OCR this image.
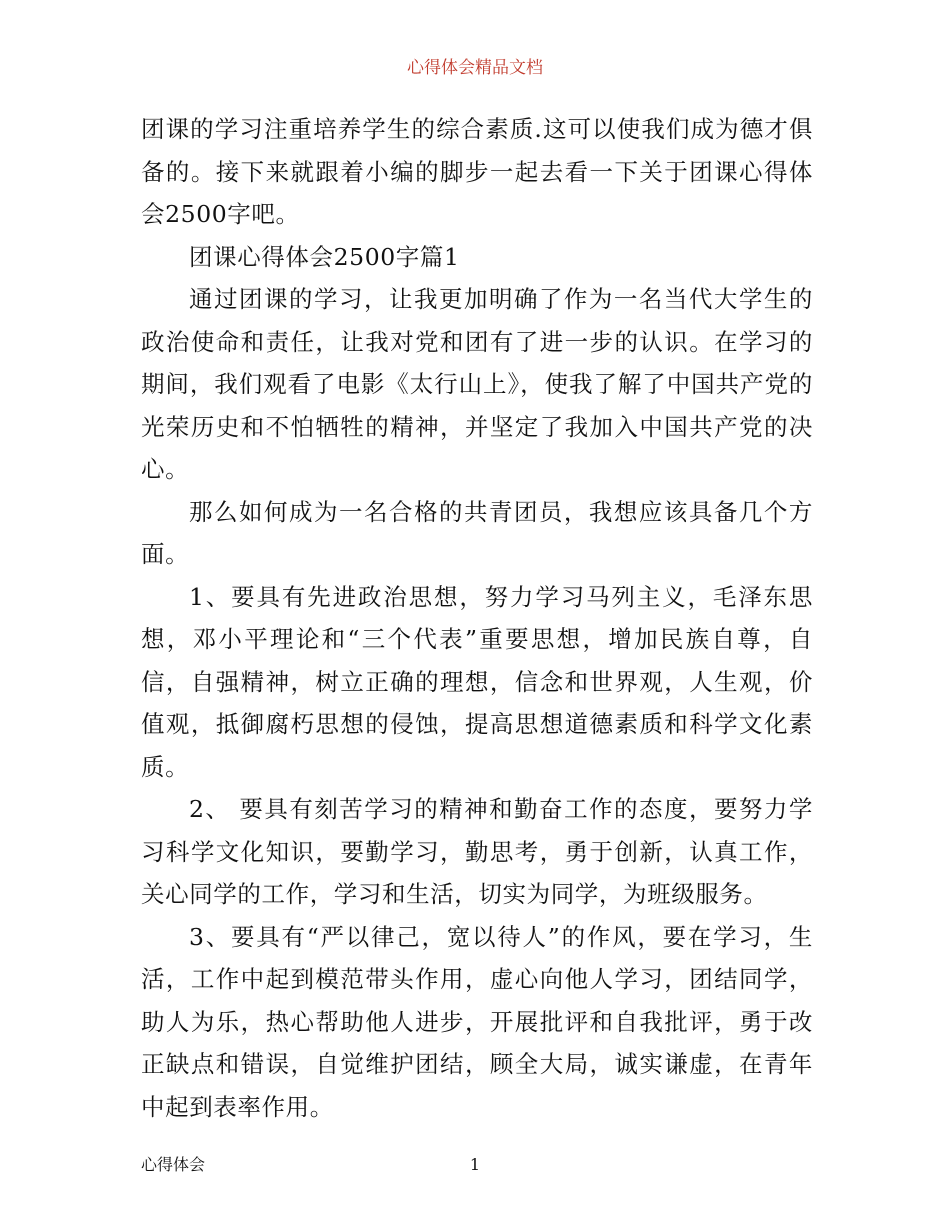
心得体会精品文档

团课的学习注重培养学生的综合素质.这可以使我们成为德才俱备的。接下来就跟着小编的脚步一起去看一下关于团课心得体会2500字吧。

团课心得体会2500字篇1

通过团课的学习，让我更加明确了作为一名当代大学生的政治使命和责任，让我对党和团有了进一步的认识。在学习的期间，我们观看了电影《太行山上》，使我了解了中国共产党的光荣历史和不怕牺牲的精神，并坚定了我加入中国共产党的决心。

那么如何成为一名合格的共青团员，我想应该具备几个方面。

1、要具有先进政治思想，努力学习马列主义，毛泽东思想，邓小平理论和“三个代表”重要思想，增加民族自尊，自信，自强精神，树立正确的理想，信念和世界观，人生观，价值观，抵御腐朽思想的侵蚀，提高思想道德素质和科学文化素质。

2、 要具有刻苦学习的精神和勤奋工作的态度，要努力学习科学文化知识，要勤学习，勤思考，勇于创新，认真工作，关心同学的工作，学习和生活，切实为同学，为班级服务。

3、要具有“严以律己，宽以待人”的作风，要在学习，生活，工作中起到模范带头作用，虚心向他人学习，团结同学，助人为乐，热心帮助他人进步，开展批评和自我批评，勇于改正缺点和错误，自觉维护团结，顾全大局，诚实谦虚，在青年中起到表率作用。

心得体会	1
